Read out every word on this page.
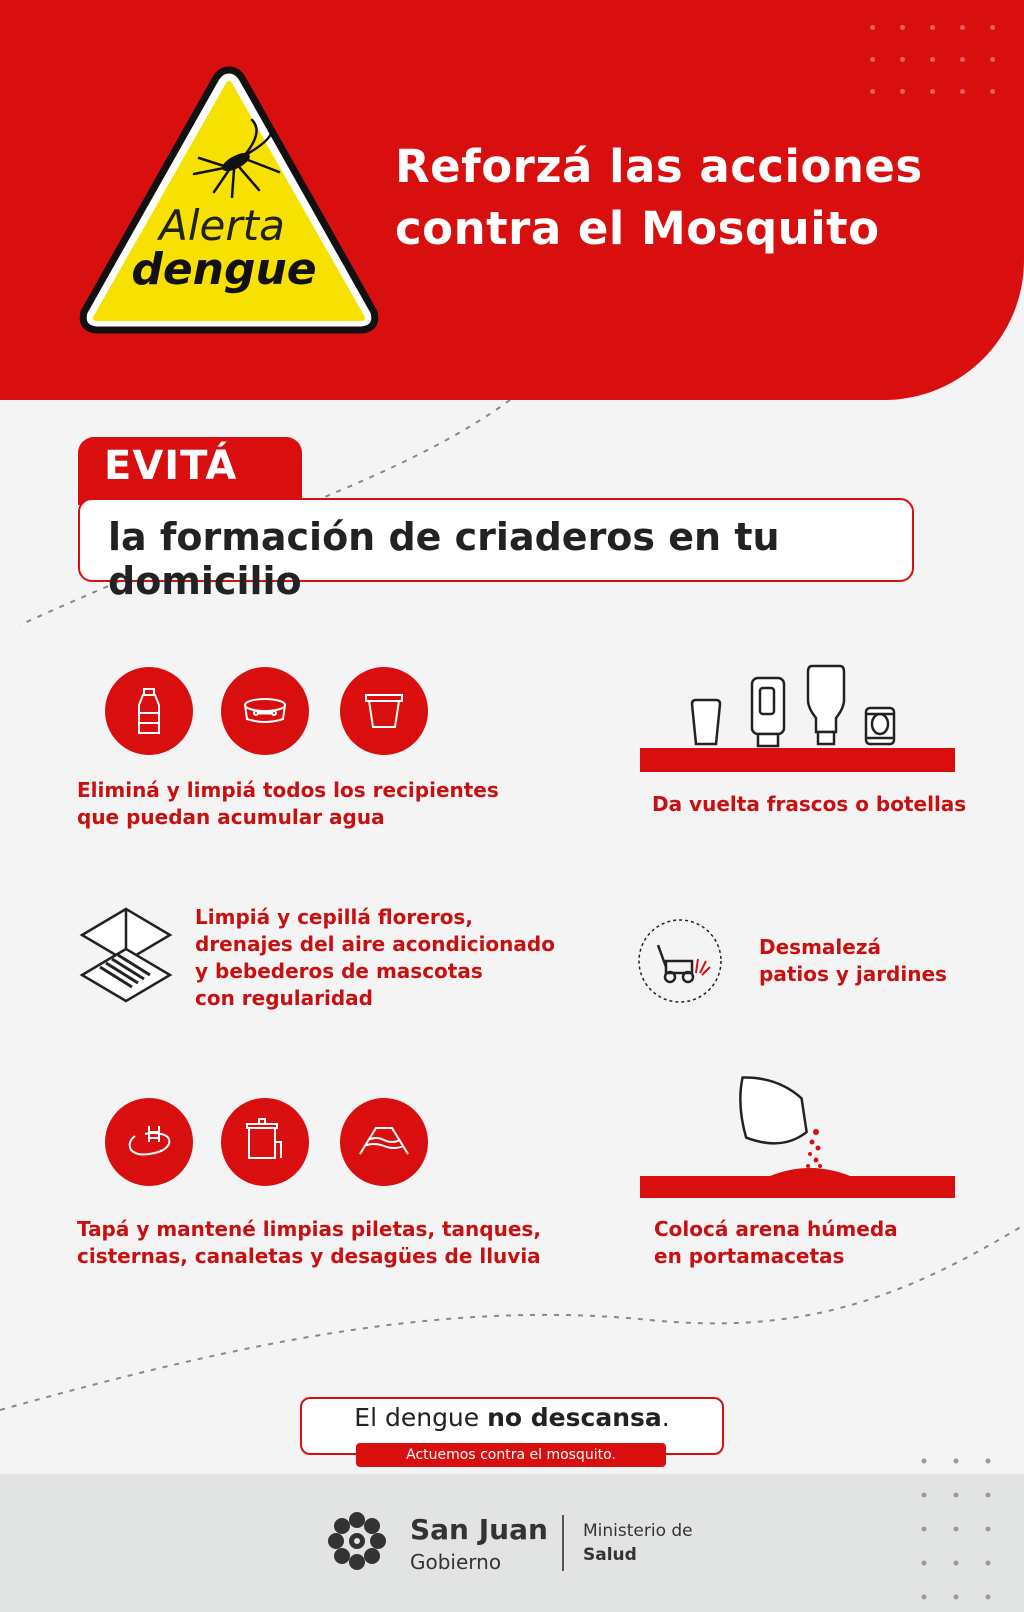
Alerta
dengue
Reforzá las acciones
contra el Mosquito
EVITÁ
la formación de criaderos en tu domicilio
Eliminá y limpiá todos los recipientes
que puedan acumular agua
Da vuelta frascos o botellas
Limpiá y cepillá floreros,
drenajes del aire acondicionado
y bebederos de mascotas
con regularidad
Desmalezá
patios y jardines
Tapá y mantené limpias piletas, tanques,
cisternas, canaletas y desagües de lluvia
Colocá arena húmeda
en portamacetas
El dengue no descansa.
Actuemos contra el mosquito.
San Juan
Gobierno
Ministerio de
Salud
